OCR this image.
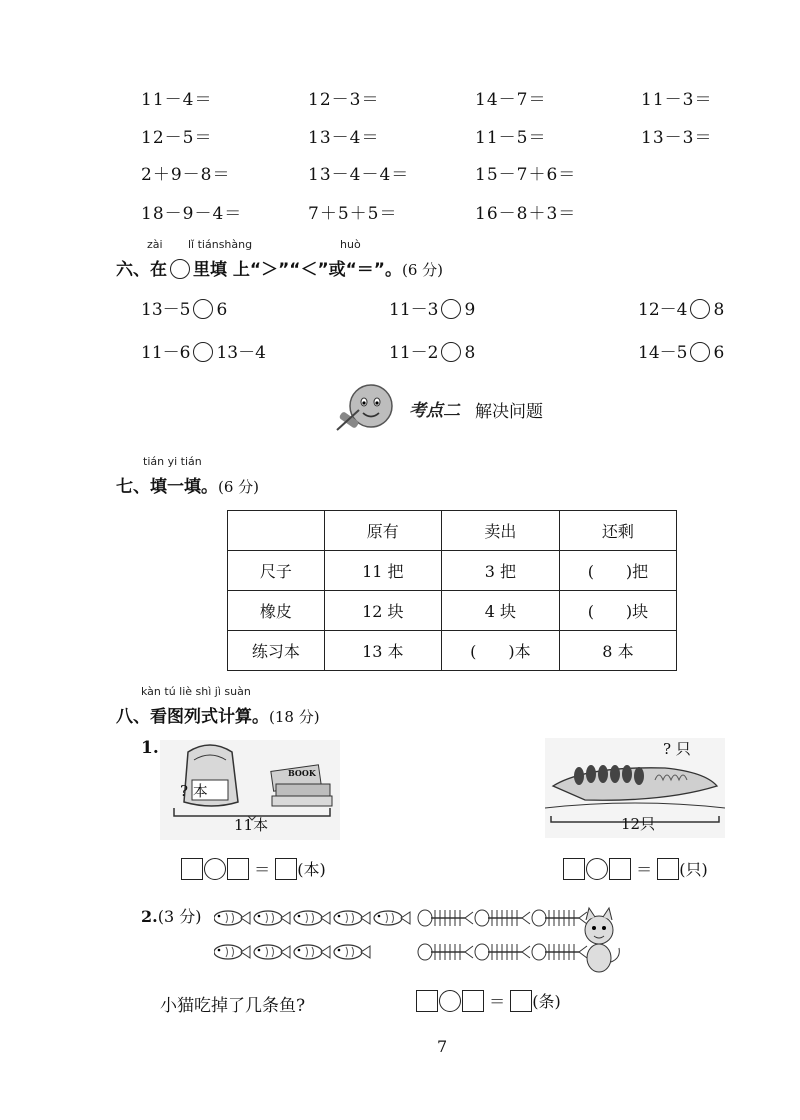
11－4＝	12－3＝	14－7＝	11－3＝
12－5＝	13－4＝	11－5＝	13－3＝
2＋9－8＝	13－4－4＝	15－7＋6＝
18－9－4＝	7＋5＋5＝	16－8＋3＝
zài lǐ tiánshàng	huò
六、在 里填 上“＞”“＜”或“＝”。(6 分)
13－5 6	11－3 9	12－4 8
11－6 13－4	11－2 8	14－5 6
考点二 解决问题
tián yi tián
七、填一填。(6 分)
	原有	卖出	还剩
尺子	11 把	3 把	(　　)把
橡皮	12 块	4 块	(　　)块
练习本	13 本	(　　)本	8 本
kàn tú liè shì jì suàn
八、看图列式计算。(18 分)
1.
? 本
BOOK
11本
? 只
12只
＝ (本)	＝ (只)
2.(3 分)
小猫吃掉了几条鱼?	＝ (条)
7
